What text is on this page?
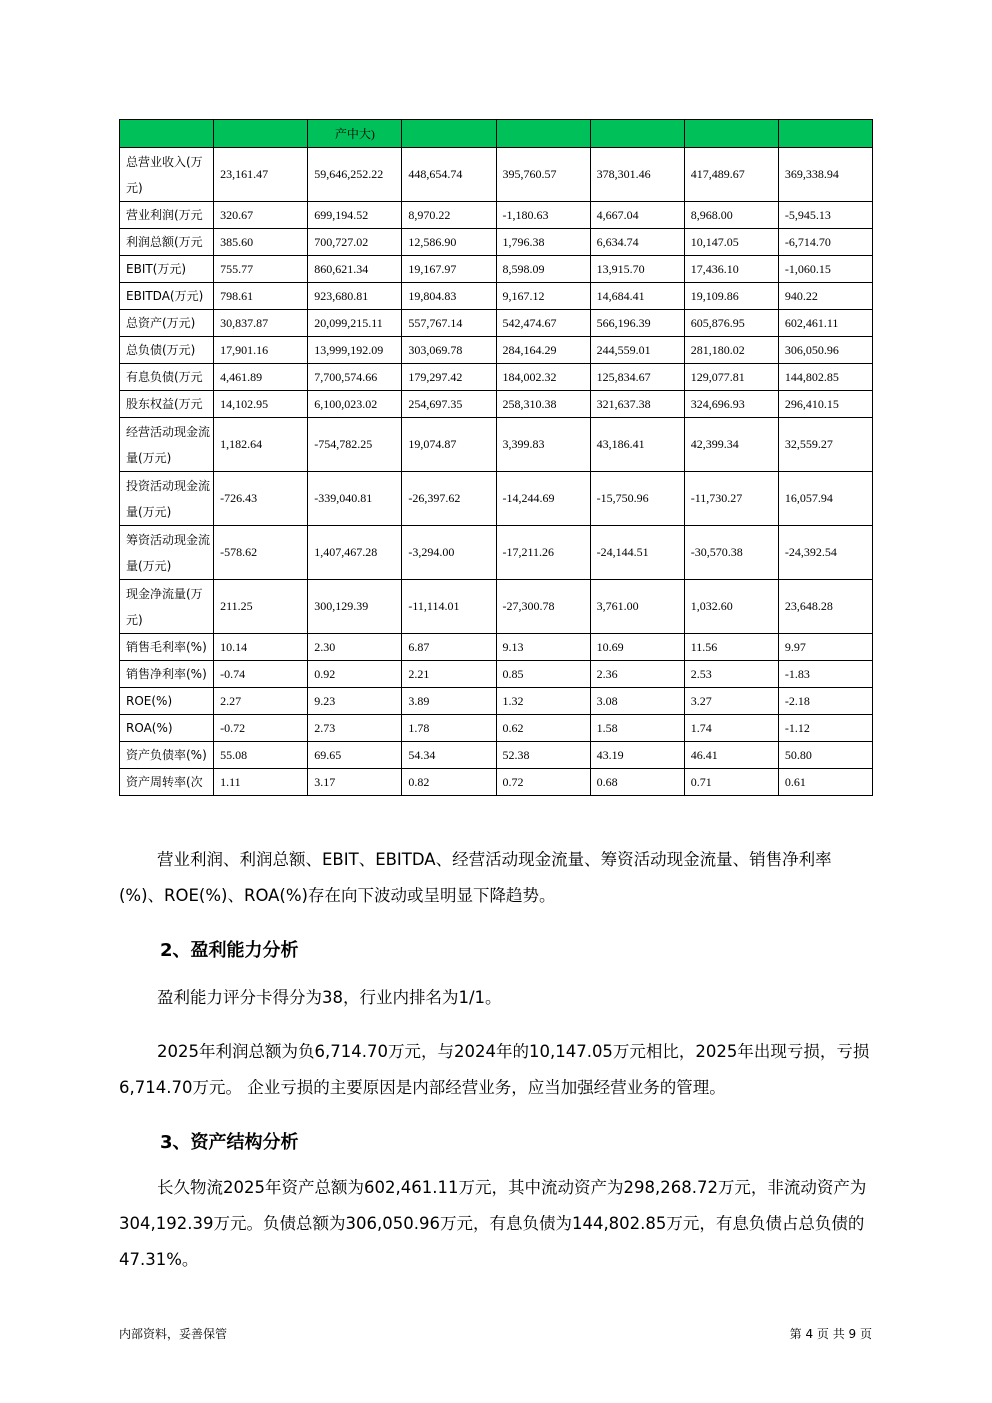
		产中大)					
总营业收入(万元)	23,161.47	59,646,252.22	448,654.74	395,760.57	378,301.46	417,489.67	369,338.94
营业利润(万元	320.67	699,194.52	8,970.22	-1,180.63	4,667.04	8,968.00	-5,945.13
利润总额(万元	385.60	700,727.02	12,586.90	1,796.38	6,634.74	10,147.05	-6,714.70
EBIT(万元)	755.77	860,621.34	19,167.97	8,598.09	13,915.70	17,436.10	-1,060.15
EBITDA(万元)	798.61	923,680.81	19,804.83	9,167.12	14,684.41	19,109.86	940.22
总资产(万元)	30,837.87	20,099,215.11	557,767.14	542,474.67	566,196.39	605,876.95	602,461.11
总负债(万元)	17,901.16	13,999,192.09	303,069.78	284,164.29	244,559.01	281,180.02	306,050.96
有息负债(万元	4,461.89	7,700,574.66	179,297.42	184,002.32	125,834.67	129,077.81	144,802.85
股东权益(万元	14,102.95	6,100,023.02	254,697.35	258,310.38	321,637.38	324,696.93	296,410.15
经营活动现金流量(万元)	1,182.64	-754,782.25	19,074.87	3,399.83	43,186.41	42,399.34	32,559.27
投资活动现金流量(万元)	-726.43	-339,040.81	-26,397.62	-14,244.69	-15,750.96	-11,730.27	16,057.94
筹资活动现金流量(万元)	-578.62	1,407,467.28	-3,294.00	-17,211.26	-24,144.51	-30,570.38	-24,392.54
现金净流量(万元)	211.25	300,129.39	-11,114.01	-27,300.78	3,761.00	1,032.60	23,648.28
销售毛利率(%)	10.14	2.30	6.87	9.13	10.69	11.56	9.97
销售净利率(%)	-0.74	0.92	2.21	0.85	2.36	2.53	-1.83
ROE(%)	2.27	9.23	3.89	1.32	3.08	3.27	-2.18
ROA(%)	-0.72	2.73	1.78	0.62	1.58	1.74	-1.12
资产负债率(%)	55.08	69.65	54.34	52.38	43.19	46.41	50.80
资产周转率(次	1.11	3.17	0.82	0.72	0.68	0.71	0.61
营业利润、利润总额、EBIT、EBITDA、经营活动现金流量、筹资活动现金流量、销售净利率(%)、ROE(%)、ROA(%)存在向下波动或呈明显下降趋势。
2、盈利能力分析
盈利能力评分卡得分为38，行业内排名为1/1。
2025年利润总额为负6,714.70万元，与2024年的10,147.05万元相比，2025年出现亏损，亏损6,714.70万元。 企业亏损的主要原因是内部经营业务，应当加强经营业务的管理。
3、资产结构分析
长久物流2025年资产总额为602,461.11万元，其中流动资产为298,268.72万元，非流动资产为304,192.39万元。负债总额为306,050.96万元，有息负债为144,802.85万元，有息负债占总负债的47.31%。
内部资料，妥善保管	第 4 页 共 9 页
